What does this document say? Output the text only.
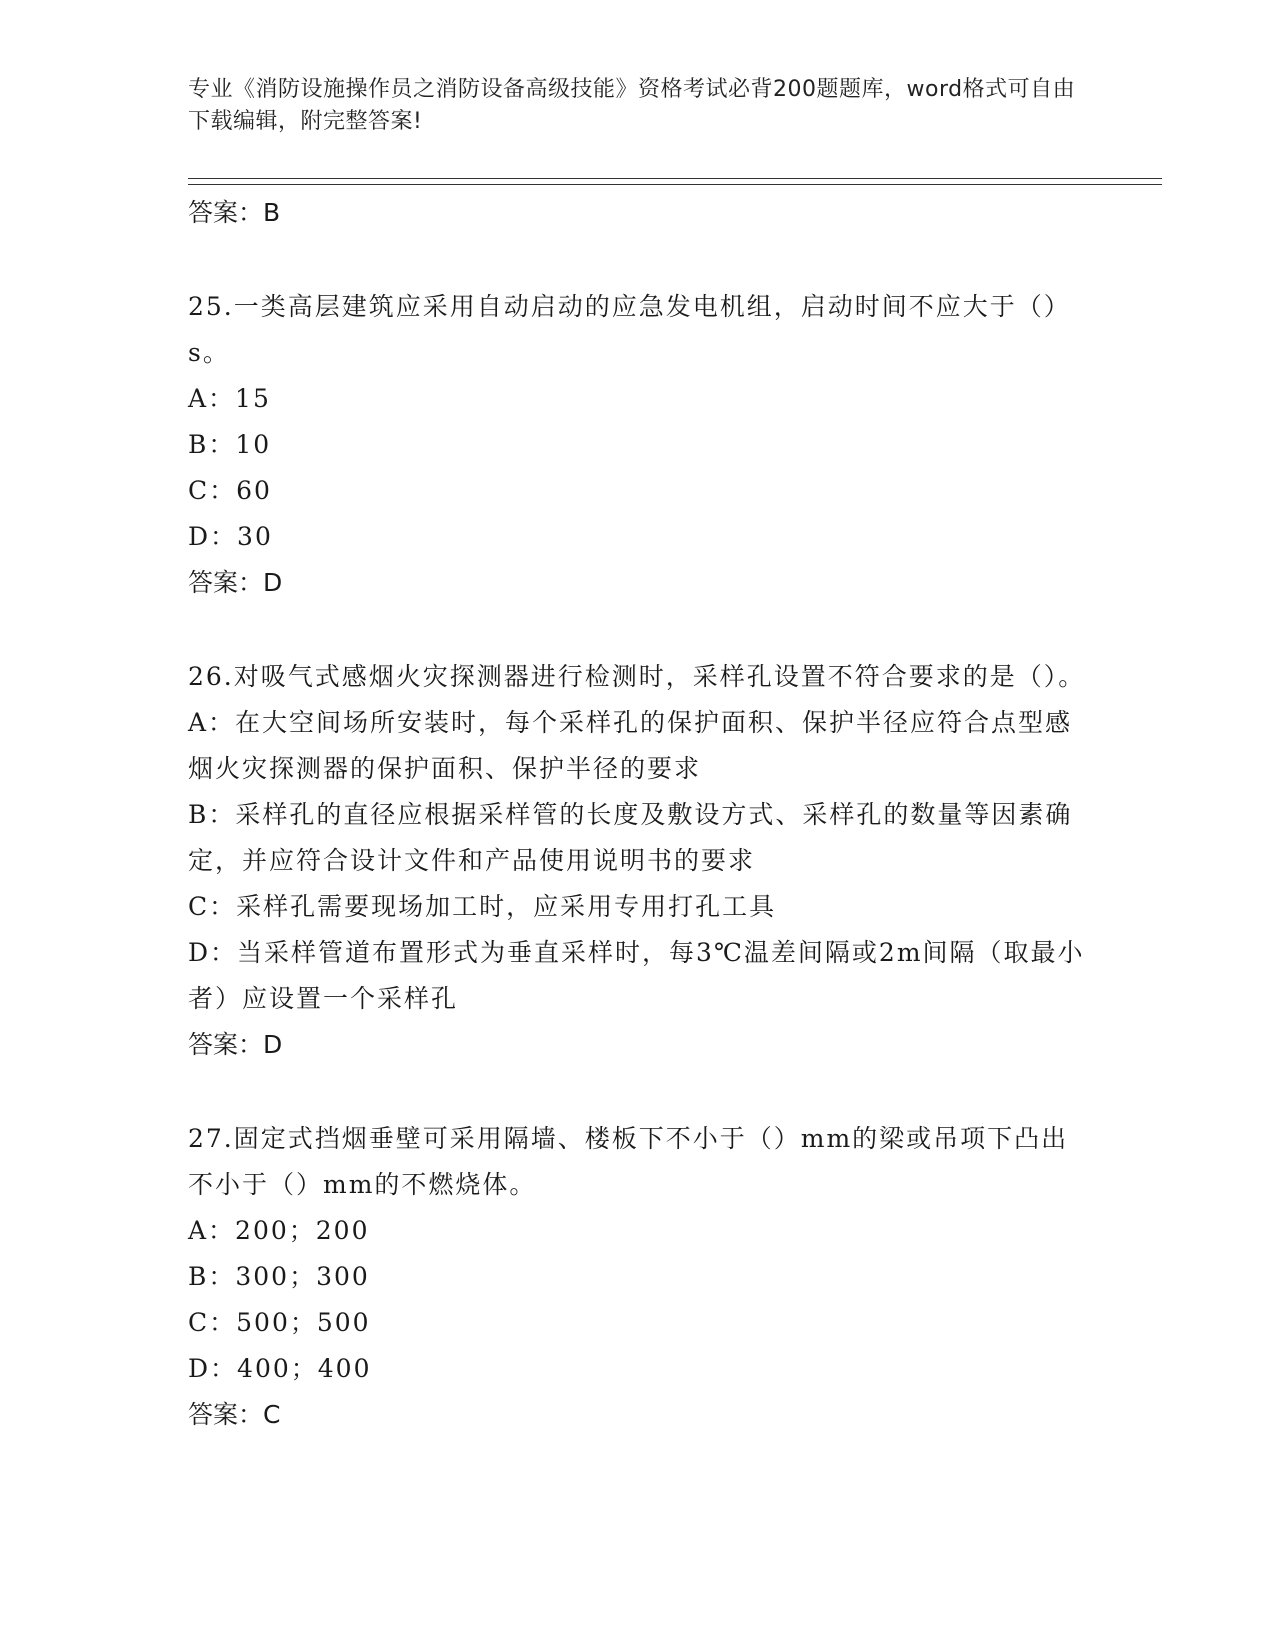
专业《消防设施操作员之消防设备高级技能》资格考试必背200题题库，word格式可自由下载编辑，附完整答案!
答案：B
25.一类高层建筑应采用自动启动的应急发电机组，启动时间不应大于（）s。
A：15
B：10
C：60
D：30
答案：D
26.对吸气式感烟火灾探测器进行检测时，采样孔设置不符合要求的是（）。
A：在大空间场所安装时，每个采样孔的保护面积、保护半径应符合点型感烟火灾探测器的保护面积、保护半径的要求
B：采样孔的直径应根据采样管的长度及敷设方式、采样孔的数量等因素确定，并应符合设计文件和产品使用说明书的要求
C：采样孔需要现场加工时，应采用专用打孔工具
D：当采样管道布置形式为垂直采样时，每3℃温差间隔或2m间隔（取最小者）应设置一个采样孔
答案：D
27.固定式挡烟垂壁可采用隔墙、楼板下不小于（）mm的梁或吊项下凸出不小于（）mm的不燃烧体。
A：200；200
B：300；300
C：500；500
D：400；400
答案：C
